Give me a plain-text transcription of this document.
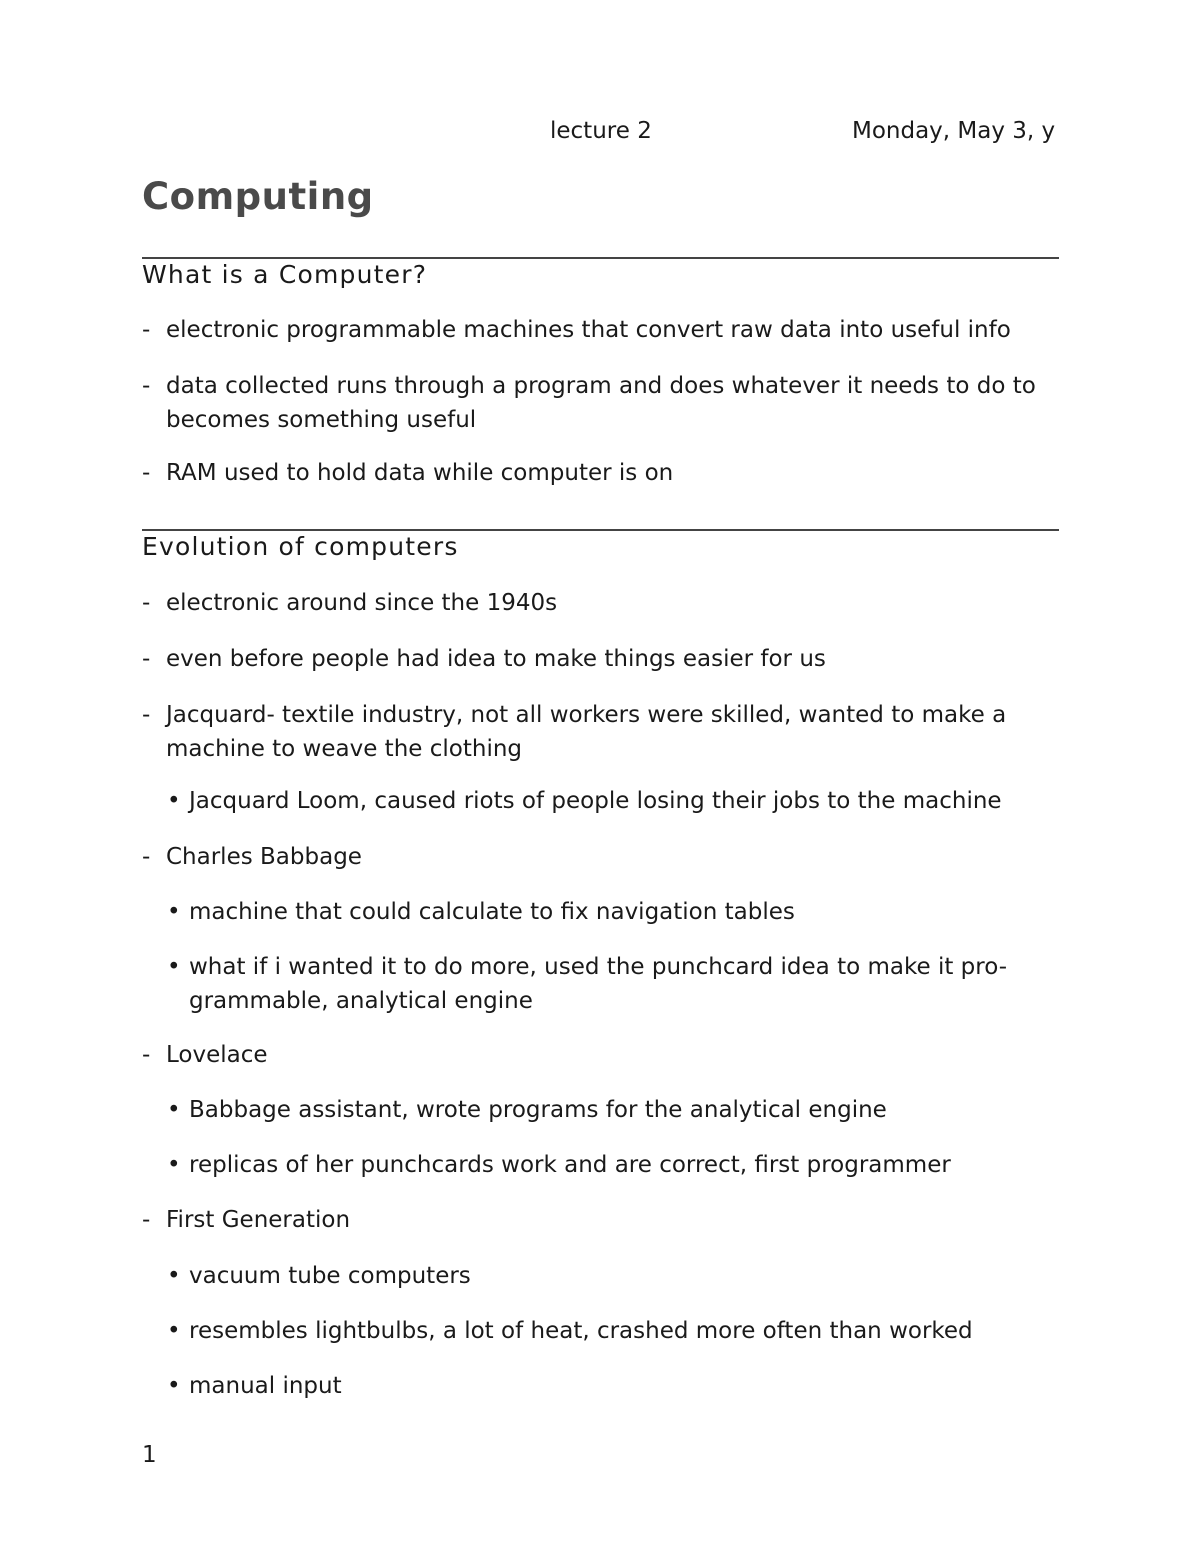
lecture 2	Monday, May 3, y
Computing
What is a Computer?
- electronic programmable machines that convert raw data into useful info
- data collected runs through a program and does whatever it needs to do to becomes something useful
- RAM used to hold data while computer is on
Evolution of computers
- electronic around since the 1940s
- even before people had idea to make things easier for us
- Jacquard- textile industry, not all workers were skilled, wanted to make a machine to weave the clothing
• Jacquard Loom, caused riots of people losing their jobs to the machine
- Charles Babbage
• machine that could calculate to fix navigation tables
• what if i wanted it to do more, used the punchcard idea to make it pro-grammable, analytical engine
- Lovelace
• Babbage assistant, wrote programs for the analytical engine
• replicas of her punchcards work and are correct, first programmer
- First Generation
• vacuum tube computers
• resembles lightbulbs, a lot of heat, crashed more often than worked
• manual input
1
